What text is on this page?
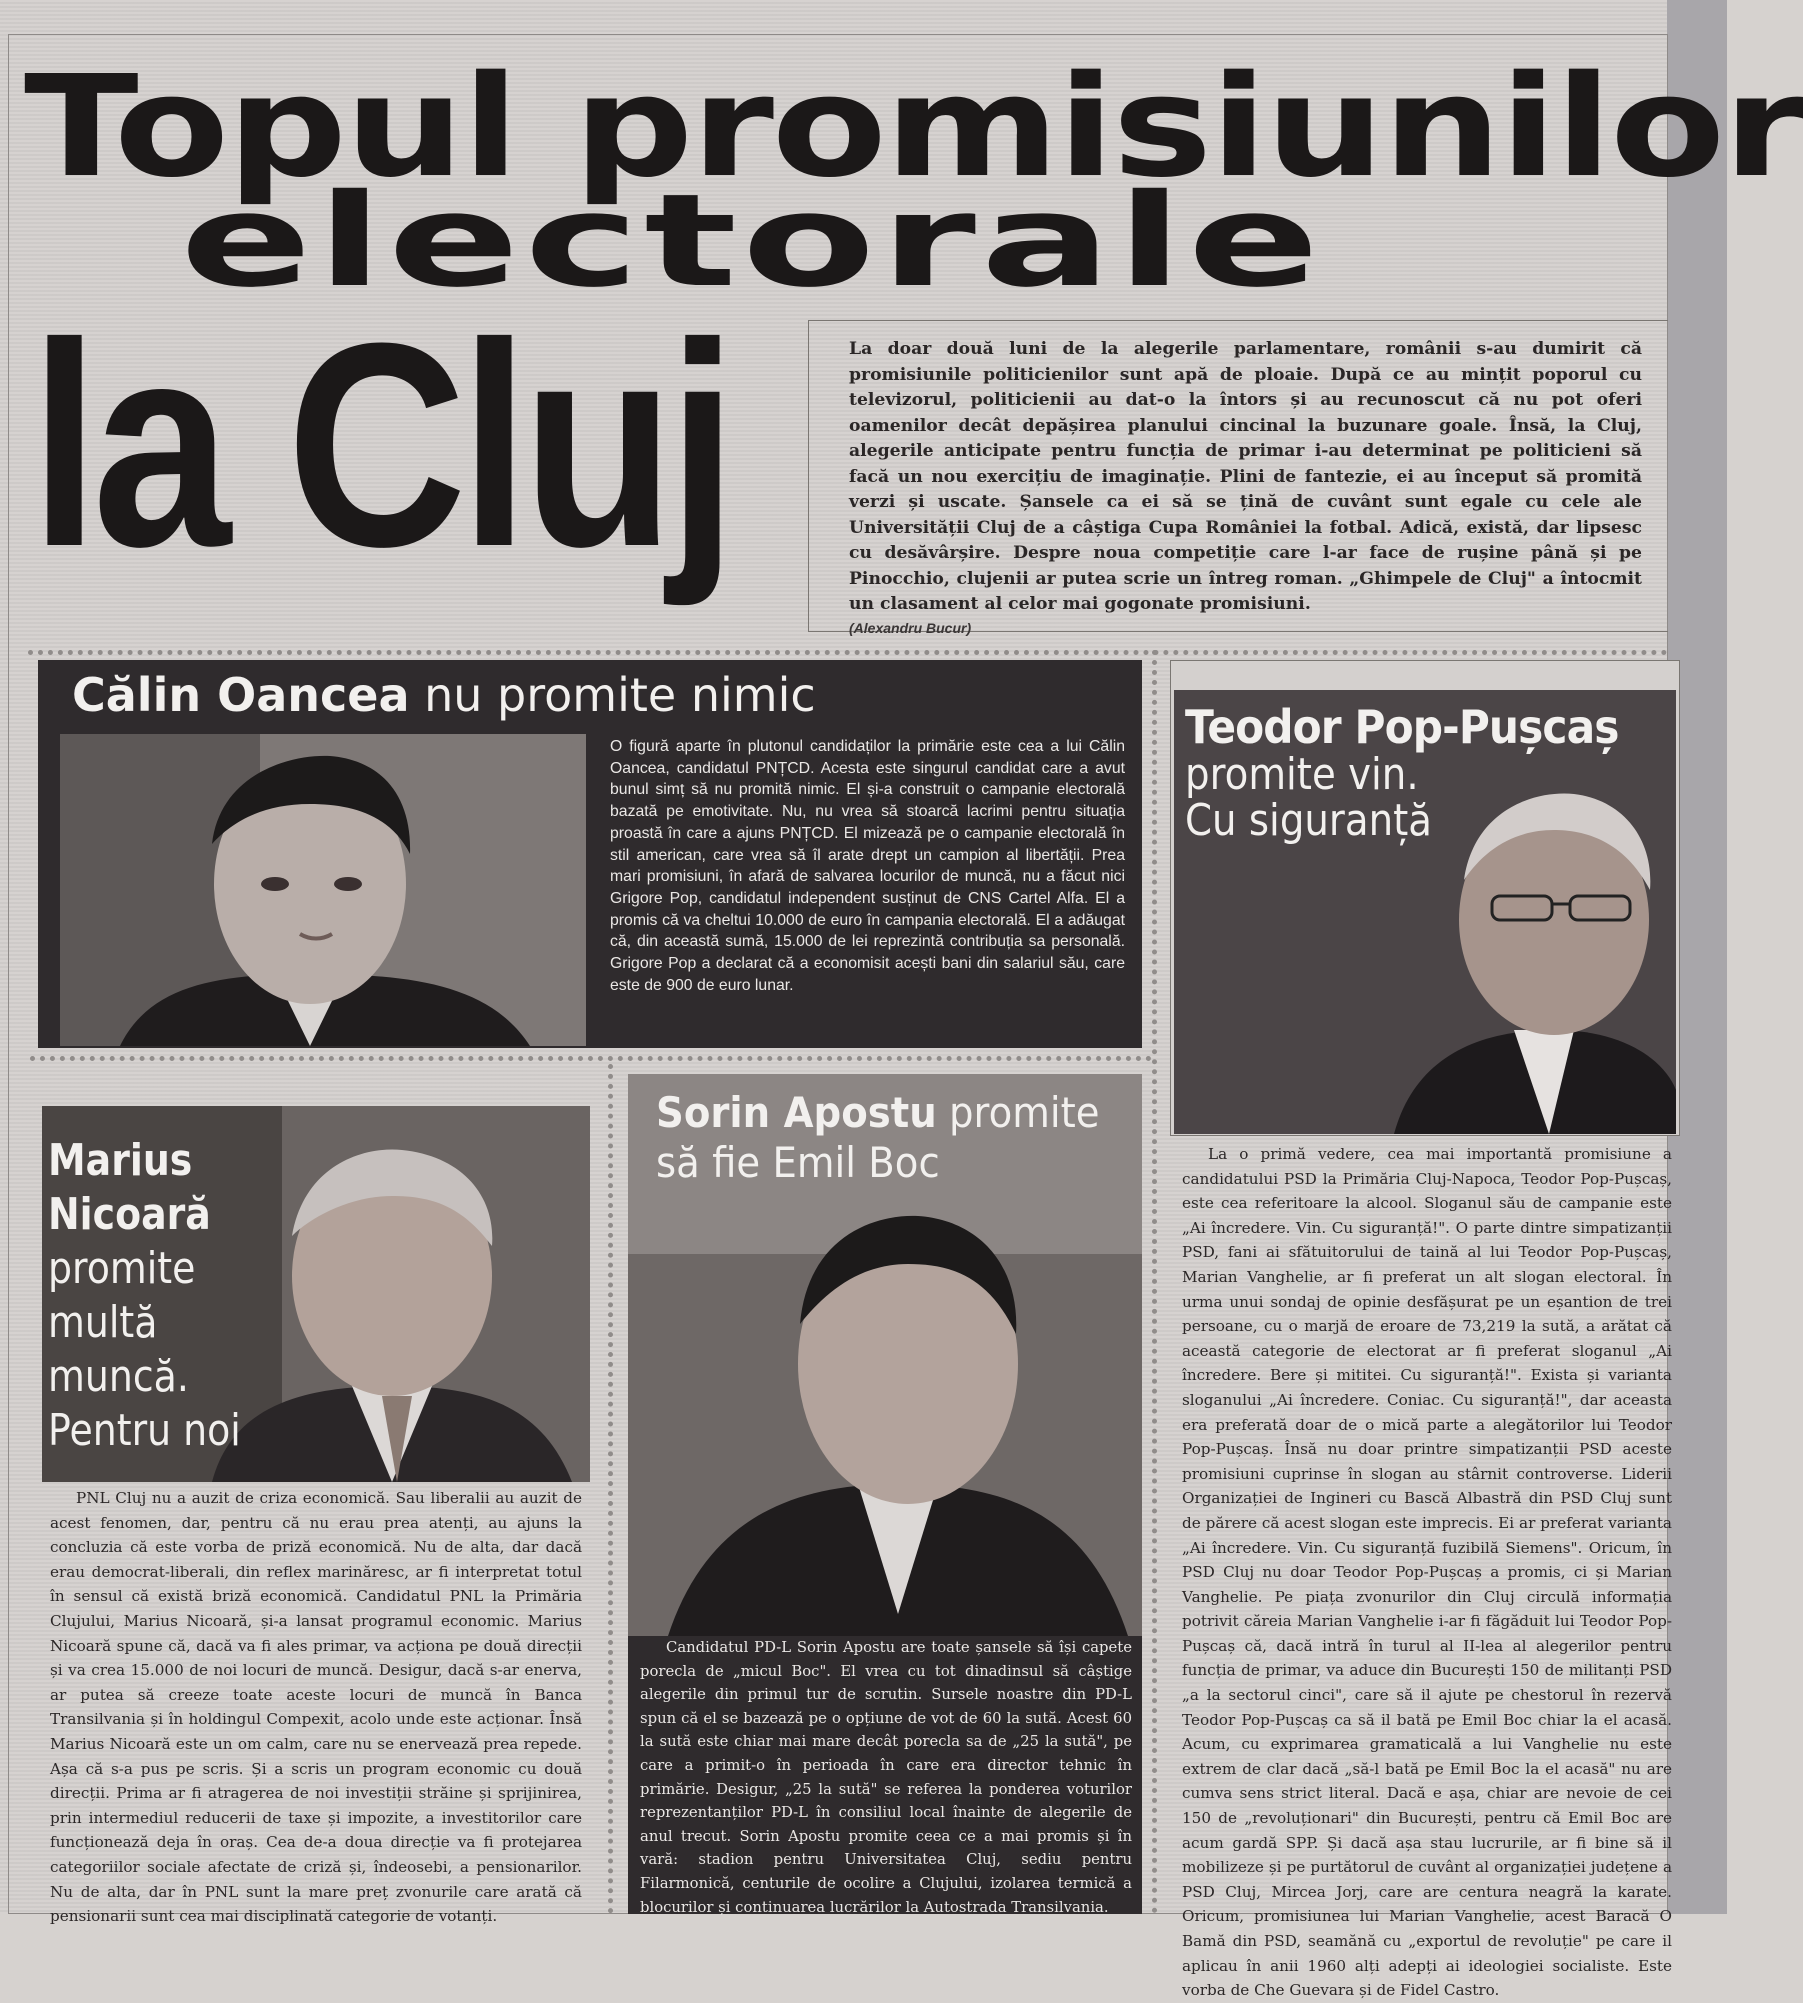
Topul promisiunilor
electorale
la Cluj	La doar două luni de la alegerile parlamentare, românii s-au dumirit că promisiunile politicienilor sunt apă de ploaie. După ce au mințit poporul cu televizorul, politicienii au dat-o la întors și au recunoscut că nu pot oferi oamenilor decât depășirea planului cincinal la buzunare goale. Însă, la Cluj, alegerile anticipate pentru funcția de primar i-au determinat pe politicieni să facă un nou exercițiu de imaginație. Plini de fantezie, ei au început să promită verzi și uscate. Șansele ca ei să se țină de cuvânt sunt egale cu cele ale Universității Cluj de a câștiga Cupa României la fotbal. Adică, există, dar lipsesc cu desăvârșire. Despre noua competiție care l-ar face de rușine până și pe Pinocchio, clujenii ar putea scrie un întreg roman. „Ghimpele de Cluj" a întocmit un clasament al celor mai gogonate promisiuni.
(Alexandru Bucur)
Călin Oancea nu promite nimic
O figură aparte în plutonul candidaților la primărie este cea a lui Călin Oancea, candidatul PNȚCD. Acesta este singurul candidat care a avut bunul simț să nu promită nimic. El și-a construit o campanie electorală bazată pe emotivitate. Nu, nu vrea să stoarcă lacrimi pentru situația proastă în care a ajuns PNȚCD. El mizează pe o campanie electorală în stil american, care vrea să îl arate drept un campion al libertății. Prea mari promisiuni, în afară de salvarea locurilor de muncă, nu a făcut nici Grigore Pop, candidatul independent susținut de CNS Cartel Alfa. El a promis că va cheltui 10.000 de euro în campania electorală. El a adăugat că, din această sumă, 15.000 de lei reprezintă contribuția sa personală. Grigore Pop a declarat că a economisit acești bani din salariul său, care este de 900 de euro lunar.
Teodor Pop-Pușcaș
promite vin.
Cu siguranță
La o primă vedere, cea mai importantă promisiune a candidatului PSD la Primăria Cluj-Napoca, Teodor Pop-Pușcaș, este cea referitoare la alcool. Sloganul său de campanie este „Ai încredere. Vin. Cu siguranță!". O parte dintre simpatizanții PSD, fani ai sfătuitorului de taină al lui Teodor Pop-Pușcaș, Marian Vanghelie, ar fi preferat un alt slogan electoral. În urma unui sondaj de opinie desfășurat pe un eșantion de trei persoane, cu o marjă de eroare de 73,219 la sută, a arătat că această categorie de electorat ar fi preferat sloganul „Ai încredere. Bere și mititei. Cu siguranță!". Exista și varianta sloganului „Ai încredere. Coniac. Cu siguranță!", dar aceasta era preferată doar de o mică parte a alegătorilor lui Teodor Pop-Pușcaș. Însă nu doar printre simpatizanții PSD aceste promisiuni cuprinse în slogan au stârnit controverse. Liderii Organizației de Ingineri cu Bască Albastră din PSD Cluj sunt de părere că acest slogan este imprecis. Ei ar preferat varianta „Ai încredere. Vin. Cu siguranță fuzibilă Siemens". Oricum, în PSD Cluj nu doar Teodor Pop-Pușcaș a promis, ci și Marian Vanghelie. Pe piața zvonurilor din Cluj circulă informația potrivit căreia Marian Vanghelie i-ar fi făgăduit lui Teodor Pop-Pușcaș că, dacă intră în turul al II-lea al alegerilor pentru funcția de primar, va aduce din București 150 de militanți PSD „a la sectorul cinci", care să il ajute pe chestorul în rezervă Teodor Pop-Pușcaș ca să il bată pe Emil Boc chiar la el acasă. Acum, cu exprimarea gramaticală a lui Vanghelie nu este extrem de clar dacă „să-l bată pe Emil Boc la el acasă" nu are cumva sens strict literal. Dacă e așa, chiar are nevoie de cei 150 de „revoluționari" din București, pentru că Emil Boc are acum gardă SPP. Și dacă așa stau lucrurile, ar fi bine să il mobilizeze și pe purtătorul de cuvânt al organizației județene a PSD Cluj, Mircea Jorj, care are centura neagră la karate. Oricum, promisiunea lui Marian Vanghelie, acest Baracă O Bamă din PSD, seamănă cu „exportul de revoluție" pe care il aplicau în anii 1960 alți adepți ai ideologiei socialiste. Este vorba de Che Guevara și de Fidel Castro.
Marius
Nicoară
promite
multă
muncă.
Pentru noi
PNL Cluj nu a auzit de criza economică. Sau liberalii au auzit de acest fenomen, dar, pentru că nu erau prea atenți, au ajuns la concluzia că este vorba de priză economică. Nu de alta, dar dacă erau democrat-liberali, din reflex marinăresc, ar fi interpretat totul în sensul că există briză economică. Candidatul PNL la Primăria Clujului, Marius Nicoară, și-a lansat programul economic. Marius Nicoară spune că, dacă va fi ales primar, va acționa pe două direcții și va crea 15.000 de noi locuri de muncă. Desigur, dacă s-ar enerva, ar putea să creeze toate aceste locuri de muncă în Banca Transilvania și în holdingul Compexit, acolo unde este acționar. Însă Marius Nicoară este un om calm, care nu se enervează prea repede. Așa că s-a pus pe scris. Și a scris un program economic cu două direcții. Prima ar fi atragerea de noi investiții străine și sprijinirea, prin intermediul reducerii de taxe și impozite, a investitorilor care funcționează deja în oraș. Cea de-a doua direcție va fi protejarea categoriilor sociale afectate de criză și, îndeosebi, a pensionarilor. Nu de alta, dar în PNL sunt la mare preț zvonurile care arată că pensionarii sunt cea mai disciplinată categorie de votanți.
Sorin Apostu promite
să fie Emil Boc
Candidatul PD-L Sorin Apostu are toate șansele să își capete porecla de „micul Boc". El vrea cu tot dinadinsul să câștige alegerile din primul tur de scrutin. Sursele noastre din PD-L spun că el se bazează pe o opțiune de vot de 60 la sută. Acest 60 la sută este chiar mai mare decât porecla sa de „25 la sută", pe care a primit-o în perioada în care era director tehnic în primărie. Desigur, „25 la sută" se referea la ponderea voturilor reprezentanților PD-L în consiliul local înainte de alegerile de anul trecut. Sorin Apostu promite ceea ce a mai promis și în vară: stadion pentru Universitatea Cluj, sediu pentru Filarmonică, centurile de ocolire a Clujului, izolarea termică a blocurilor și continuarea lucrărilor la Autostrada Transilvania.
